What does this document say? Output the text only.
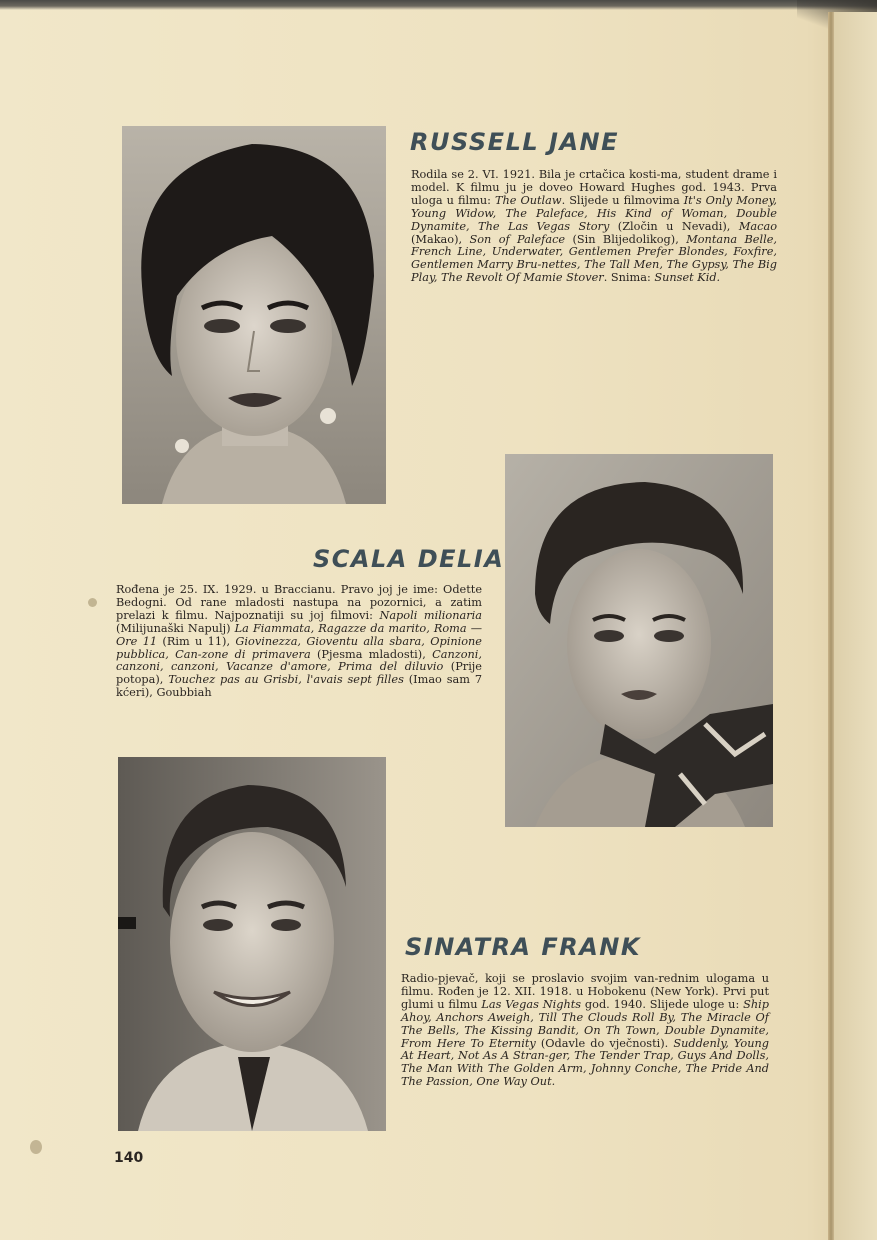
RUSSELL JANE

Rodila se 2. VI. 1921. Bila je crtačica kosti-ma, student drame i model. K filmu ju je doveo Howard Hughes god. 1943. Prva uloga u filmu: The Outlaw. Slijede u filmovima It's Only Money, Young Widow, The Paleface, His Kind of Woman, Double Dynamite, The Las Vegas Story (Zločin u Nevadi), Macao (Makao), Son of Paleface (Sin Blijedolikog), Montana Belle, French Line, Underwater, Gentlemen Prefer Blondes, Foxfire, Gentlemen Marry Bru-nettes, The Tall Men, The Gypsy, The Big Play, The Revolt Of Mamie Stover. Snima: Sunset Kid.

SCALA DELIA

Rođena je 25. IX. 1929. u Braccianu. Pravo joj je ime: Odette Bedogni. Od rane mladosti nastupa na pozornici, a zatim prelazi k filmu. Najpoznatiji su joj filmovi: Napoli milionaria (Milijunaški Napulj) La Fiammata, Ragazze da marito, Roma — Ore 11 (Rim u 11), Giovinezza, Gioventu alla sbara, Opinione pubblica, Can-zone di primavera (Pjesma mladosti), Canzoni, canzoni, canzoni, Vacanze d'amore, Prima del diluvio (Prije potopa), Touchez pas au Grisbi, l'avais sept filles (Imao sam 7 kćeri), Goubbiah

SINATRA FRANK

Radio-pjevač, koji se proslavio svojim van-rednim ulogama u filmu. Rođen je 12. XII. 1918. u Hobokenu (New York). Prvi put glumi u filmu Las Vegas Nights god. 1940. Slijede uloge u: Ship Ahoy, Anchors Aweigh, Till The Clouds Roll By, The Miracle Of The Bells, The Kissing Bandit, On Th Town, Double Dynamite, From Here To Eternity (Odavle do vječnosti). Suddenly, Young At Heart, Not As A Stran-ger, The Tender Trap, Guys And Dolls, The Man With The Golden Arm, Johnny Conche, The Pride And The Passion, One Way Out.

140
